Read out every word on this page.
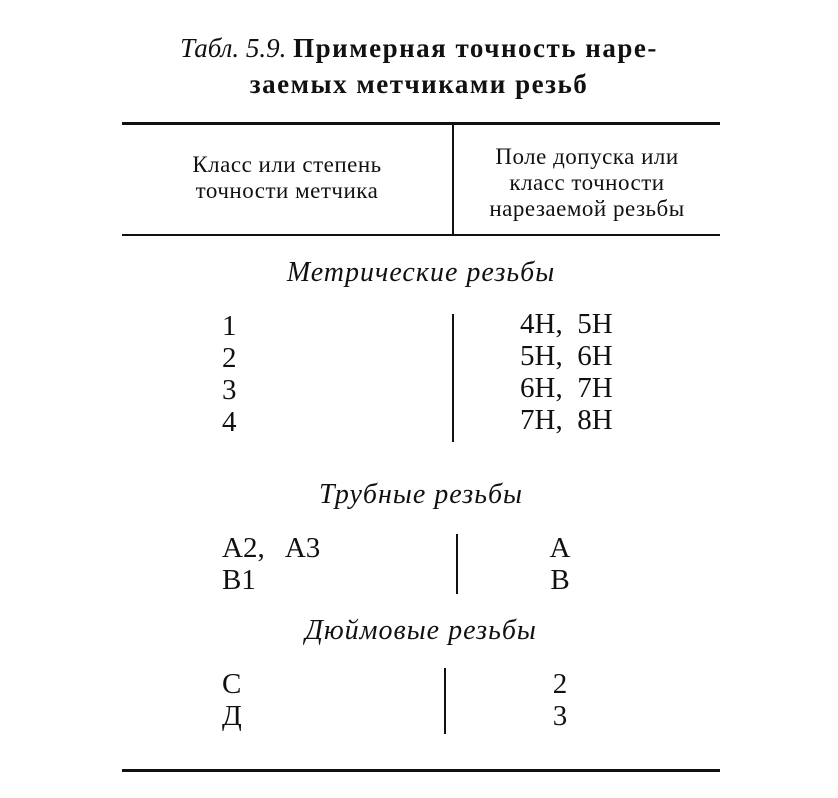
Табл. 5.9. Примерная точность наре-
заемых метчиками резьб
Класс или степень
точности метчика
Поле допуска или
класс точности
нарезаемой резьбы
Метрические резьбы
1
2
3
4
4H,  5H
5H,  6H
6H,  7H
7H,  8H
Трубные резьбы
A2,   A3
B1
A
B
Дюймовые резьбы
C
Д
2
3
